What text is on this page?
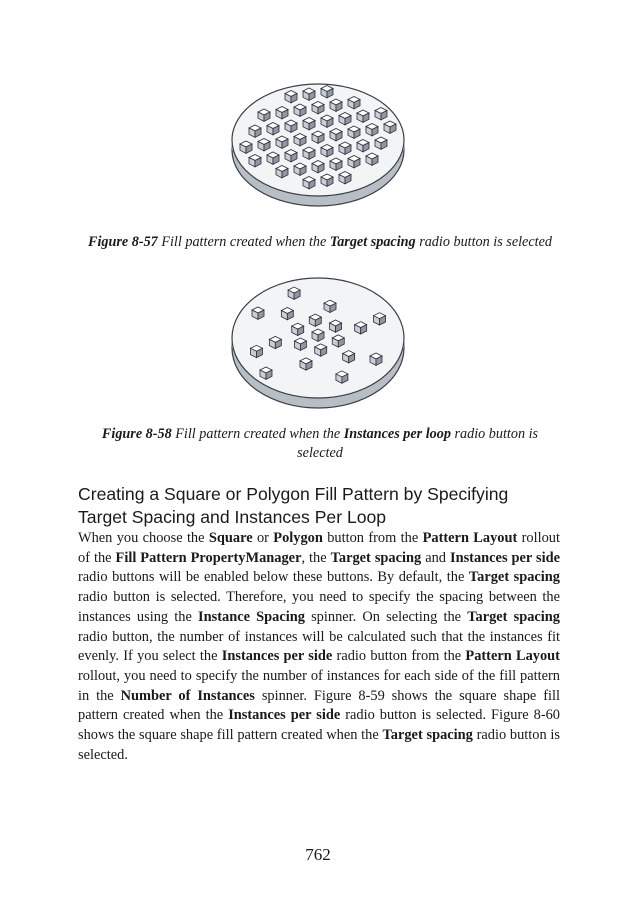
Figure 8-57 Fill pattern created when the Target spacing radio button is selected
Figure 8-58 Fill pattern created when the Instances per loop radio button is selected
Creating a Square or Polygon Fill Pattern by Specifying Target Spacing and Instances Per Loop

When you choose the Square or Polygon button from the Pattern Layout rollout of the Fill Pattern PropertyManager, the Target spacing and Instances per side radio buttons will be enabled below these buttons. By default, the Target spacing radio button is selected. Therefore, you need to specify the spacing between the instances using the Instance Spacing spinner. On selecting the Target spacing radio button, the number of instances will be calculated such that the instances fit evenly. If you select the Instances per side radio button from the Pattern Layout rollout, you need to specify the number of instances for each side of the fill pattern in the Number of Instances spinner. Figure 8-59 shows the square shape fill pattern created when the Instances per side radio button is selected. Figure 8-60 shows the square shape fill pattern created when the Target spacing radio button is selected.

762
